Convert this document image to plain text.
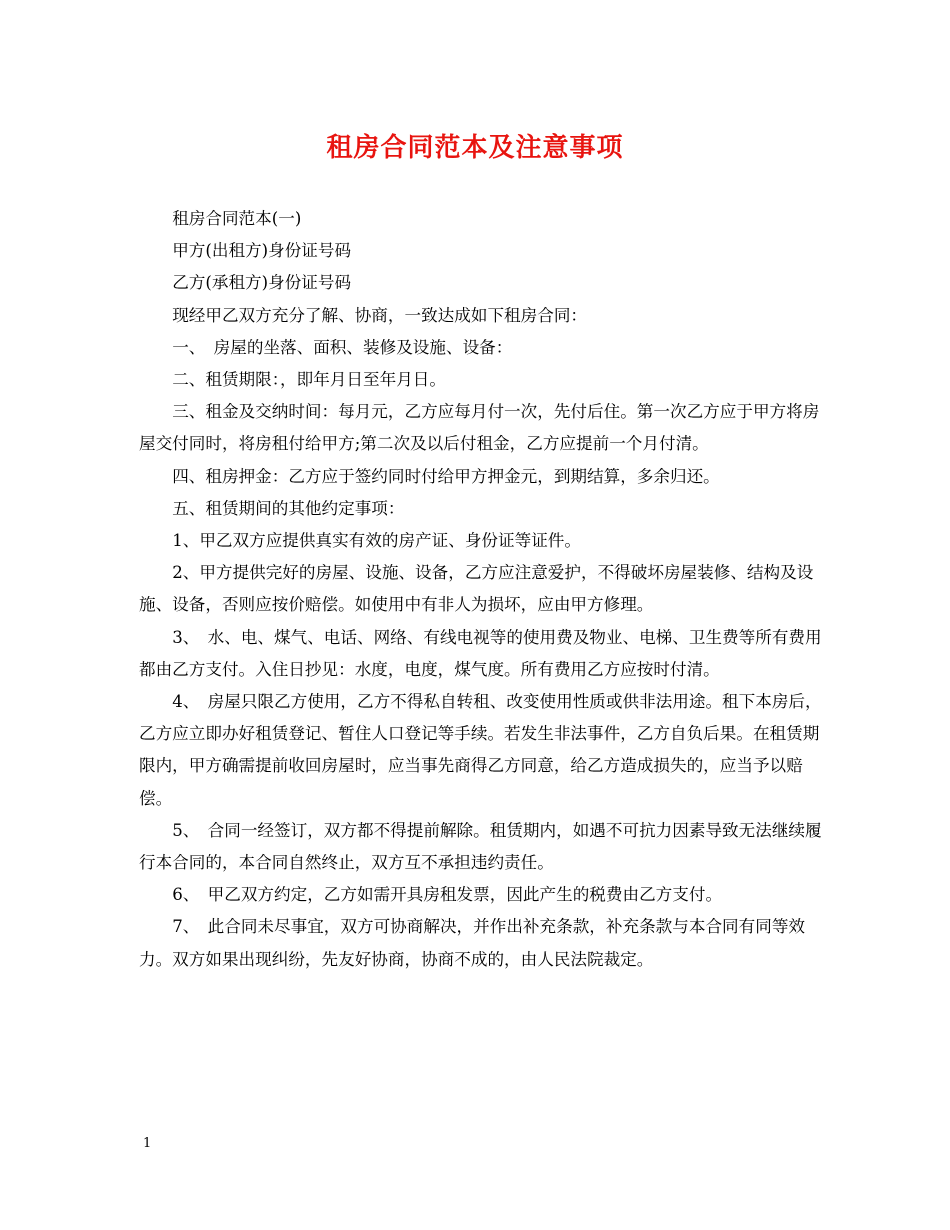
租房合同范本及注意事项

租房合同范本(一)

甲方(出租方)身份证号码

乙方(承租方)身份证号码

现经甲乙双方充分了解、协商，一致达成如下租房合同：

一、　房屋的坐落、面积、装修及设施、设备：

二、租赁期限：，即年月日至年月日。

三、租金及交纳时间：每月元，乙方应每月付一次，先付后住。第一次乙方应于甲方将房屋交付同时，将房租付给甲方;第二次及以后付租金，乙方应提前一个月付清。

四、租房押金：乙方应于签约同时付给甲方押金元，到期结算，多余归还。

五、租赁期间的其他约定事项：

1、甲乙双方应提供真实有效的房产证、身份证等证件。

2、甲方提供完好的房屋、设施、设备，乙方应注意爱护，不得破坏房屋装修、结构及设施、设备，否则应按价赔偿。如使用中有非人为损坏，应由甲方修理。

3、　水、电、煤气、电话、网络、有线电视等的使用费及物业、电梯、卫生费等所有费用都由乙方支付。入住日抄见：水度，电度，煤气度。所有费用乙方应按时付清。

4、　房屋只限乙方使用，乙方不得私自转租、改变使用性质或供非法用途。租下本房后，乙方应立即办好租赁登记、暂住人口登记等手续。若发生非法事件，乙方自负后果。在租赁期限内，甲方确需提前收回房屋时，应当事先商得乙方同意，给乙方造成损失的，应当予以赔偿。

5、　合同一经签订，双方都不得提前解除。租赁期内，如遇不可抗力因素导致无法继续履行本合同的，本合同自然终止，双方互不承担违约责任。

6、　甲乙双方约定，乙方如需开具房租发票，因此产生的税费由乙方支付。

7、　此合同未尽事宜，双方可协商解决，并作出补充条款，补充条款与本合同有同等效力。双方如果出现纠纷，先友好协商，协商不成的，由人民法院裁定。

1
